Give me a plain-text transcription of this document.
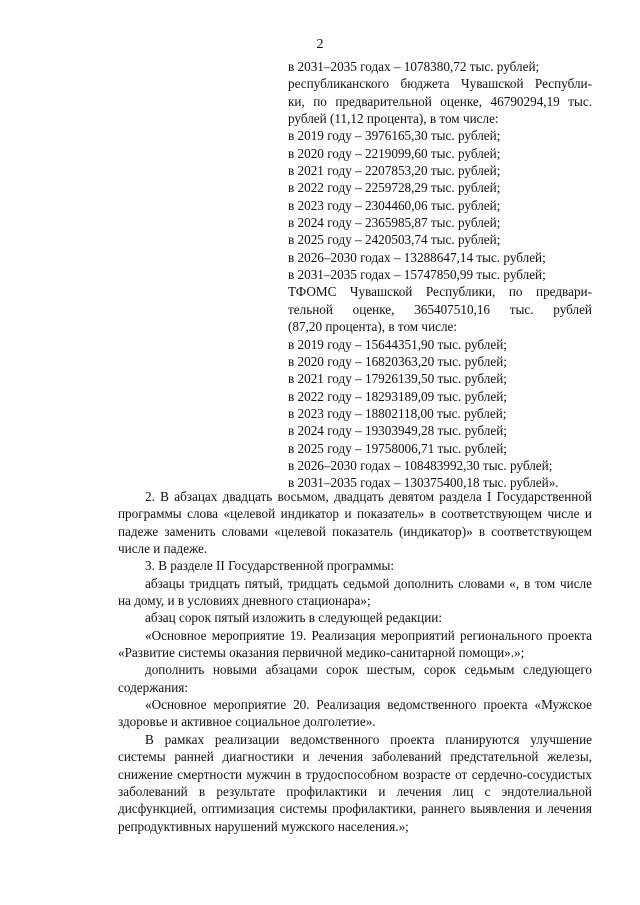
2
в 2031–2035 годах – 1078380,72 тыс. рублей;
республиканского бюджета Чувашской Республи-
ки, по предварительной оценке, 46790294,19 тыс.
рублей (11,12 процента), в том числе:
в 2019 году – 3976165,30 тыс. рублей;
в 2020 году – 2219099,60 тыс. рублей;
в 2021 году – 2207853,20 тыс. рублей;
в 2022 году – 2259728,29 тыс. рублей;
в 2023 году – 2304460,06 тыс. рублей;
в 2024 году – 2365985,87 тыс. рублей;
в 2025 году – 2420503,74 тыс. рублей;
в 2026–2030 годах – 13288647,14 тыс. рублей;
в 2031–2035 годах – 15747850,99 тыс. рублей;
ТФОМС Чувашской Республики, по предвари-
тельной оценке, 365407510,16 тыс. рублей
(87,20 процента), в том числе:
в 2019 году – 15644351,90 тыс. рублей;
в 2020 году – 16820363,20 тыс. рублей;
в 2021 году – 17926139,50 тыс. рублей;
в 2022 году – 18293189,09 тыс. рублей;
в 2023 году – 18802118,00 тыс. рублей;
в 2024 году – 19303949,28 тыс. рублей;
в 2025 году – 19758006,71 тыс. рублей;
в 2026–2030 годах – 108483992,30 тыс. рублей;
в 2031–2035 годах – 130375400,18 тыс. рублей».

2. В абзацах двадцать восьмом, двадцать девятом раздела I Государственной программы слова «целевой индикатор и показатель» в соответствующем числе и падеже заменить словами «целевой показатель (индикатор)» в соответствующем числе и падеже.

3. В разделе II Государственной программы:

абзацы тридцать пятый, тридцать седьмой дополнить словами «, в том числе на дому, и в условиях дневного стационара»;

абзац сорок пятый изложить в следующей редакции:

«Основное мероприятие 19. Реализация мероприятий регионального проекта «Развитие системы оказания первичной медико-санитарной помощи».»;

дополнить новыми абзацами сорок шестым, сорок седьмым следующего содержания:

«Основное мероприятие 20. Реализация ведомственного проекта «Мужское здоровье и активное социальное долголетие».

В рамках реализации ведомственного проекта планируются улучшение системы ранней диагностики и лечения заболеваний предстательной железы, снижение смертности мужчин в трудоспособном возрасте от сердечно-сосудистых заболеваний в результате профилактики и лечения лиц с эндотелиальной дисфункцией, оптимизация системы профилактики, раннего выявления и лечения репродуктивных нарушений мужского населения.»;
